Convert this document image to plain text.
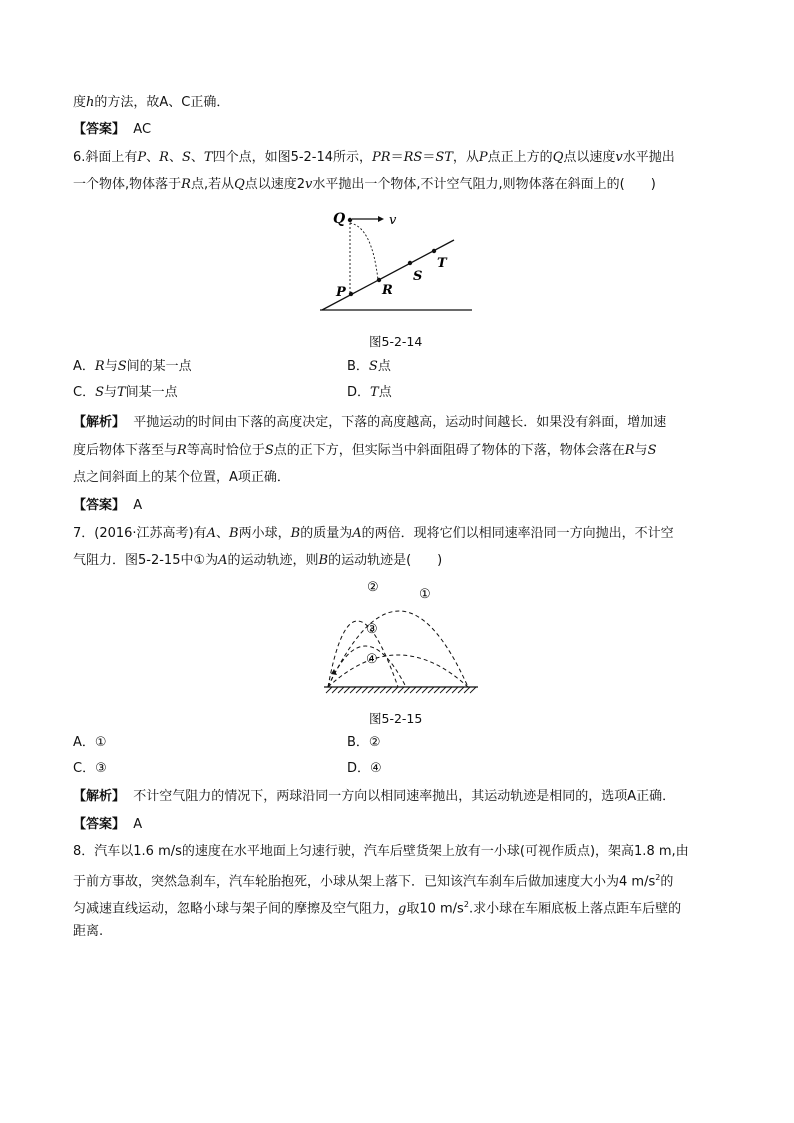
度h的方法，故A、C正确．
【答案】 AC
6.斜面上有P、R、S、T四个点，如图5-2-14所示，PR＝RS＝ST，从P点正上方的Q点以速度v水平抛出
一个物体,物体落于R点,若从Q点以速度2v水平抛出一个物体,不计空气阻力,则物体落在斜面上的(　　)
Q	v
P	R
S
T
图5-2-14
A．R与S间的某一点	B．S点
C．S与T间某一点	D．T点
【解析】 平抛运动的时间由下落的高度决定，下落的高度越高，运动时间越长．如果没有斜面，增加速
度后物体下落至与R等高时恰位于S点的正下方，但实际当中斜面阻碍了物体的下落，物体会落在R与S
点之间斜面上的某个位置，A项正确．
【答案】 A
7．(2016·江苏高考)有A、B两小球，B的质量为A的两倍．现将它们以相同速率沿同一方向抛出，不计空
气阻力．图5-2-15中①为A的运动轨迹，则B的运动轨迹是(　　)
①
②
③
④
图5-2-15
A．①	B．②
C．③	D．④
【解析】 不计空气阻力的情况下，两球沿同一方向以相同速率抛出，其运动轨迹是相同的，选项A正确．
【答案】 A
8．汽车以1.6 m/s的速度在水平地面上匀速行驶，汽车后壁货架上放有一小球(可视作质点)，架高1.8 m,由
于前方事故，突然急刹车，汽车轮胎抱死，小球从架上落下．已知该汽车刹车后做加速度大小为4 $m/s^2$的
匀减速直线运动，忽略小球与架子间的摩擦及空气阻力，g取10 $m/s^2$.求小球在车厢底板上落点距车后壁的
距离.
